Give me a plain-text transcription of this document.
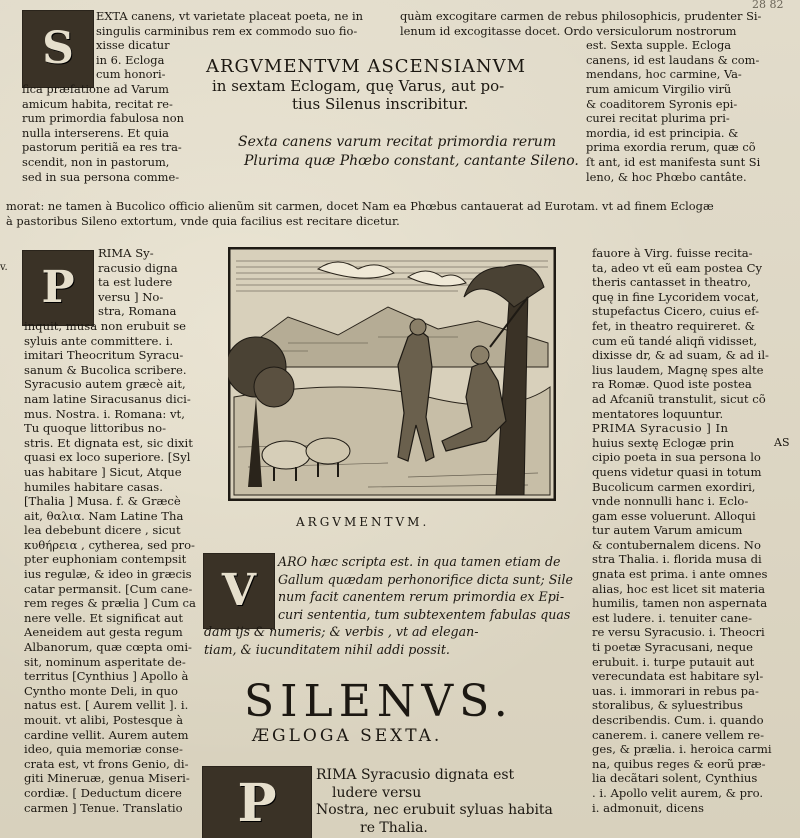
28 82
S
EXTA canens, vt varietate placeat poeta, ne in
singulis carminibus rem ex commodo suo fio-
xisse dicatur
in 6. Ecloga
cum honori-
fica præfatione ad Varum
amicum habita, recitat re-
rum primordia fabulosa non
nulla interserens. Et quia
pastorum peritiã ea res tra-
scendit, non in pastorum,
sed in sua persona comme-
quàm excogitare carmen de rebus philosophicis, prudenter Si-
lenum id excogitasse docet. Ordo versiculorum nostrorum
est. Sexta supple. Ecloga
canens, id est laudans & com-
mendans, hoc carmine, Va-
rum amicum Virgilio virũ
& coaditorem Syronis epi-
curei recitat plurima pri-
mordia, id est principia. &
prima exordia rerum, quæ cõ
ſt ant, id est manifesta sunt Si
leno, & hoc Phœbo cantâte.
ARGVMENTVM ASCENSIANVM
in sextam Eclogam, quę Varus, aut po-
tius Silenus inscribitur.
Sexta canens varum recitat primordia rerum
Plurima quæ Phœbo constant, cantante Sileno.
morat: ne tamen à Bucolico officio alienũm sit carmen, docet Nam ea Phœbus cantauerat ad Eurotam. vt ad finem Eclogæ
à pastoribus Sileno extortum, vnde quia facilius est recitare dicetur.
v.
AS
P
RIMA Sy-
racusio digna
ta est ludere
versu ] No-
stra, Romana
inquit, musa non erubuit se
syluis ante committere. i.
imitari Theocritum Syracu-
sanum & Bucolica scribere.
Syracusio autem græcè ait,
nam latine Siracusanus dici-
mus. Nostra. i. Romana: vt,
Tu quoque littoribus no-
stris. Et dignata est, sic dixit
quasi ex loco superiore. [Syl
uas habitare ] Sicut, Atque
humiles habitare casas.
[Thalia ] Musa. f. & Græcè
ait, θαλια. Nam Latine Tha
lea debebunt dicere , sicut
κυθήρεια , cytherea, sed pro-
pter euphoniam contempsit
ius regulæ, & ideo in græcis
catar permansit. [Cum cane-
rem reges & prælia ] Cum ca
nere velle. Et significat aut
Aeneidem aut gesta regum
Albanorum, quæ cœpta omi-
sit, nominum asperitate de-
territus [Cynthius ] Apollo à
Cyntho monte Deli, in quo
natus est. [ Aurem vellit ]. i.
mouit. vt alibi, Postesque à
cardine vellit. Aurem autem
ideo, quia memoriæ conse-
crata est, vt frons Genio, di-
giti Mineruæ, genua Miseri-
cordiæ. [ Deductum dicere
carmen ] Tenue. Translatio
fauore à Virg. fuisse recita-
ta, adeo vt eũ eam postea Cy
theris cantasset in theatro,
quę in fine Lycoridem vocat,
stupefactus Cicero, cuius ef-
fet, in theatro requireret. &
cum eũ tandé aliqñ vidisset,
dixisse dr, & ad suam, & ad il-
lius laudem, Magnę spes alte
ra Romæ. Quod iste postea
ad Afcaniũ transtulit, sicut cõ
mentatores loquuntur.
PRIMA Syracusio ] In
huius sextę Eclogæ prin
cipio poeta in sua persona lo
quens videtur quasi in totum
Bucolicum carmen exordiri,
vnde nonnulli hanc i. Eclo-
gam esse voluerunt. Alloqui
tur autem Varum amicum
& contubernalem dicens. No
stra Thalia. i. florida musa di
gnata est prima. i ante omnes
alias, hoc est licet sit materia
humilis, tamen non aspernata
est ludere. i. tenuiter cane-
re versu Syracusio. i. Theocri
ti poetæ Syracusani, neque
erubuit. i. turpe putauit aut
verecundata est habitare syl-
uas. i. immorari in rebus pa-
storalibus, & syluestribus
describendis. Cum. i. quando
canerem. i. canere vellem re-
ges, & prælia. i. heroica carmi
na, quibus reges & eorũ præ-
lia decãtari solent, Cynthius
. i. Apollo velit aurem, & pro.
i. admonuit, dicens
ARGVMENTVM.
V
ARO hæc scripta est. in qua tamen etiam de
Gallum quædam perhonorifice dicta sunt; Sile
num facit canentem rerum primordia ex Epi-
curi sententia, tum subtexentem fabulas quas
dam ijs & numeris; & verbis , vt ad elegan-
tiam, & iucunditatem nihil addi possit.
SILENVS.
ÆGLOGA SEXTA.
P	RIMA Syracusio dignata est
ludere versu
Nostra, nec erubuit syluas habita
re Thalia.
